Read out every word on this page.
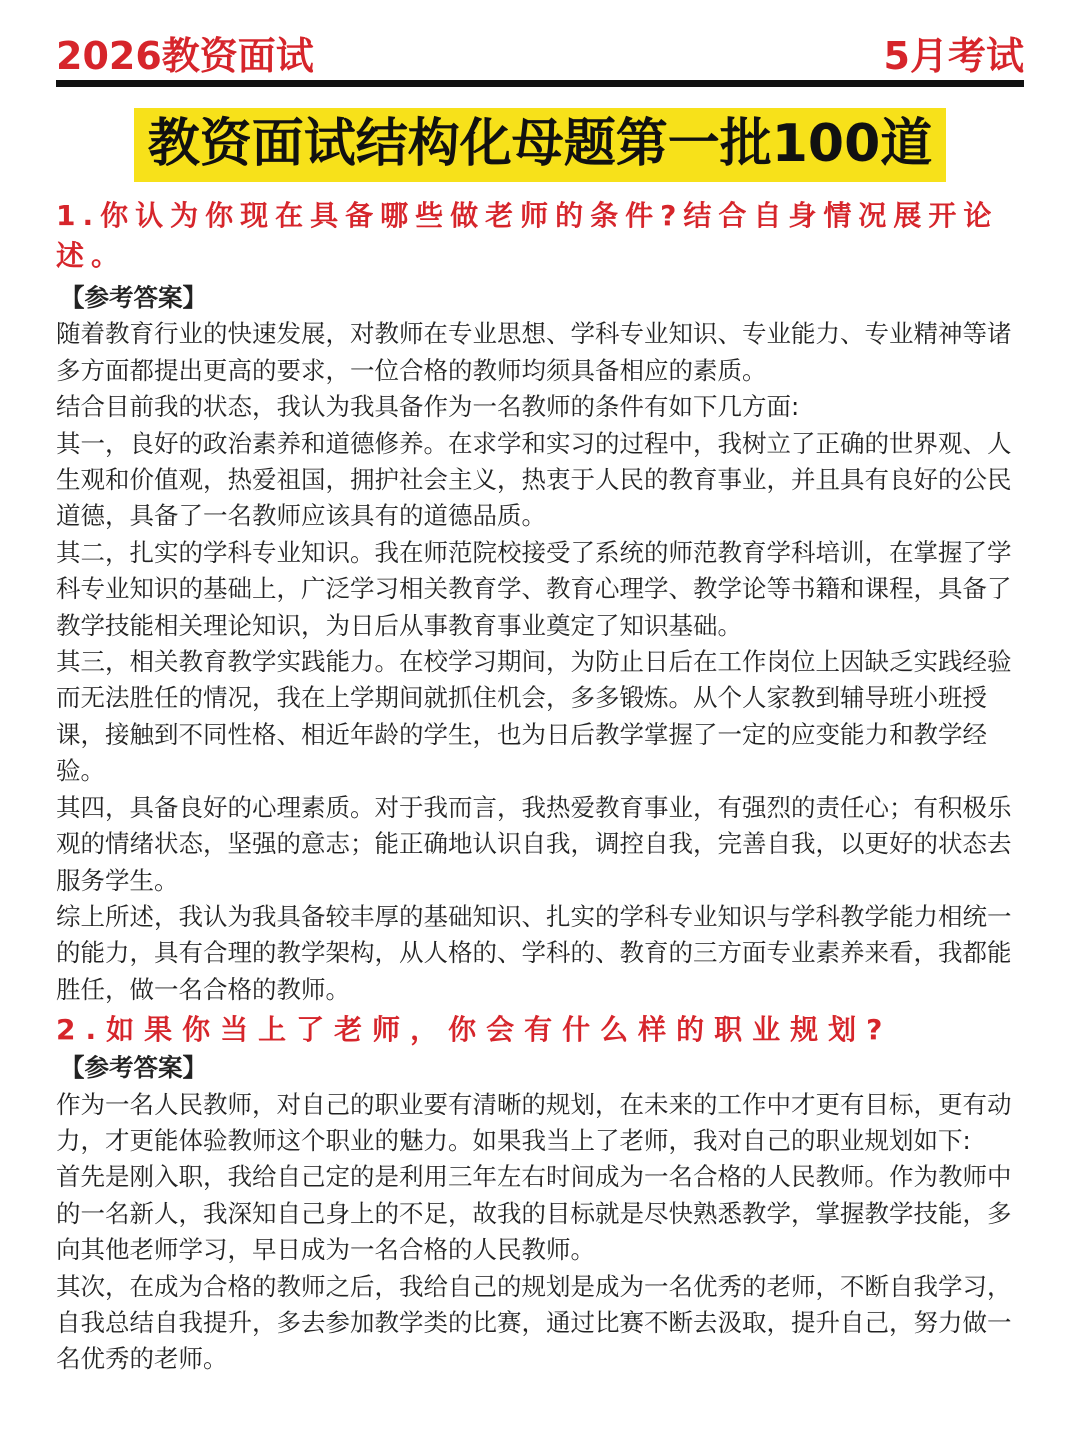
2026教资面试	5月考试
教资面试结构化母题第一批100道
1.你认为你现在具备哪些做老师的条件?结合自身情况展开论述。
【参考答案】

随着教育行业的快速发展，对教师在专业思想、学科专业知识、专业能力、专业精神等诸多方面都提出更高的要求，一位合格的教师均须具备相应的素质。

结合目前我的状态，我认为我具备作为一名教师的条件有如下几方面:

其一，良好的政治素养和道德修养。在求学和实习的过程中，我树立了正确的世界观、人生观和价值观，热爱祖国，拥护社会主义，热衷于人民的教育事业，并且具有良好的公民道德，具备了一名教师应该具有的道德品质。

其二，扎实的学科专业知识。我在师范院校接受了系统的师范教育学科培训，在掌握了学科专业知识的基础上，广泛学习相关教育学、教育心理学、教学论等书籍和课程，具备了教学技能相关理论知识，为日后从事教育事业奠定了知识基础。

其三，相关教育教学实践能力。在校学习期间，为防止日后在工作岗位上因缺乏实践经验而无法胜任的情况，我在上学期间就抓住机会，多多锻炼。从个人家教到辅导班小班授课，接触到不同性格、相近年龄的学生，也为日后教学掌握了一定的应变能力和教学经验。

其四，具备良好的心理素质。对于我而言，我热爱教育事业，有强烈的责任心；有积极乐观的情绪状态，坚强的意志；能正确地认识自我，调控自我，完善自我，以更好的状态去服务学生。

综上所述，我认为我具备较丰厚的基础知识、扎实的学科专业知识与学科教学能力相统一的能力，具有合理的教学架构，从人格的、学科的、教育的三方面专业素养来看，我都能胜任，做一名合格的教师。

2.如果你当上了老师，你会有什么样的职业规划?
【参考答案】

作为一名人民教师，对自己的职业要有清晰的规划，在未来的工作中才更有目标，更有动力，才更能体验教师这个职业的魅力。如果我当上了老师，我对自己的职业规划如下:

首先是刚入职，我给自己定的是利用三年左右时间成为一名合格的人民教师。作为教师中的一名新人，我深知自己身上的不足，故我的目标就是尽快熟悉教学，掌握教学技能，多向其他老师学习，早日成为一名合格的人民教师。

其次，在成为合格的教师之后，我给自己的规划是成为一名优秀的老师，不断自我学习，自我总结自我提升，多去参加教学类的比赛，通过比赛不断去汲取，提升自己，努力做一名优秀的老师。
